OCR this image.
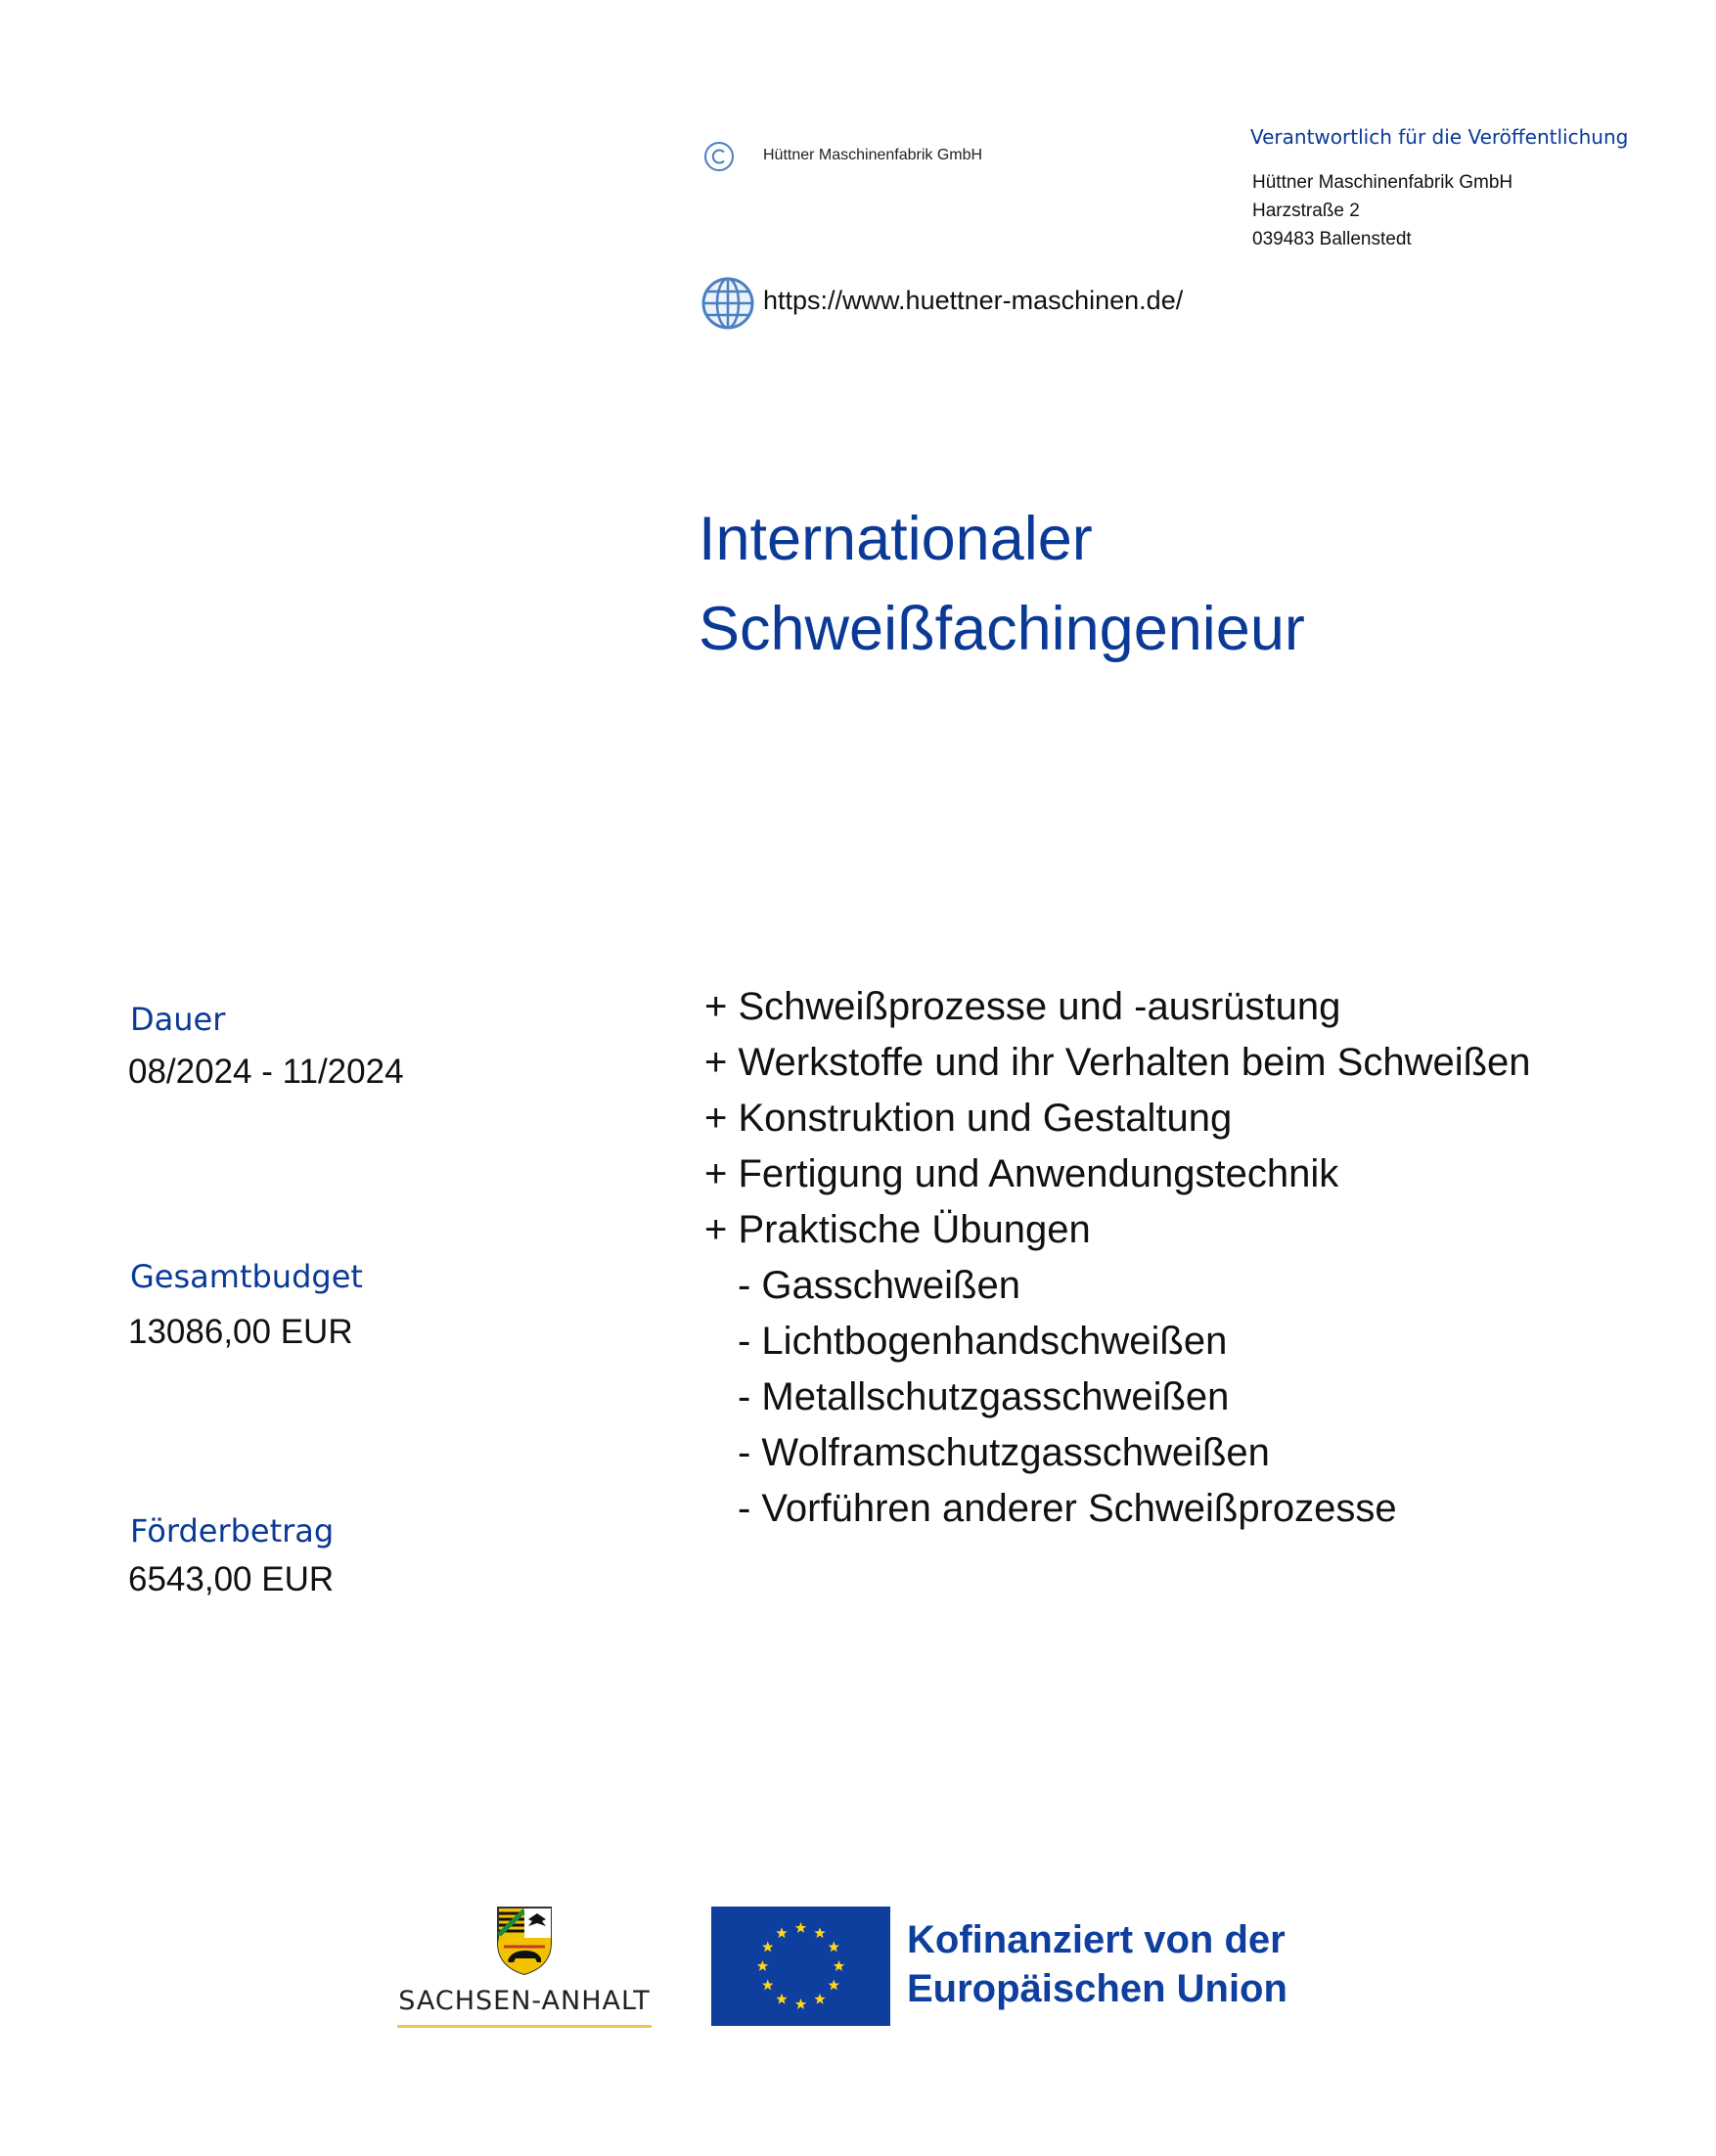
Hüttner Maschinenfabrik GmbH
Verantwortlich für die Veröffentlichung
Hüttner Maschinenfabrik GmbH
Harzstraße 2
039483 Ballenstedt
https://www.huettner-maschinen.de/
Internationaler
Schweißfachingenieur
Dauer
08/2024 - 11/2024
Gesamtbudget
13086,00 EUR
Förderbetrag
6543,00 EUR
+ Schweißprozesse und -ausrüstung
+ Werkstoffe und ihr Verhalten beim Schweißen
+ Konstruktion und Gestaltung
+ Fertigung und Anwendungstechnik
+ Praktische Übungen
- Gasschweißen
- Lichtbogenhandschweißen
- Metallschutzgasschweißen
- Wolframschutzgasschweißen
- Vorführen anderer Schweißprozesse
SACHSEN-ANHALT
Kofinanziert von der
Europäischen Union
